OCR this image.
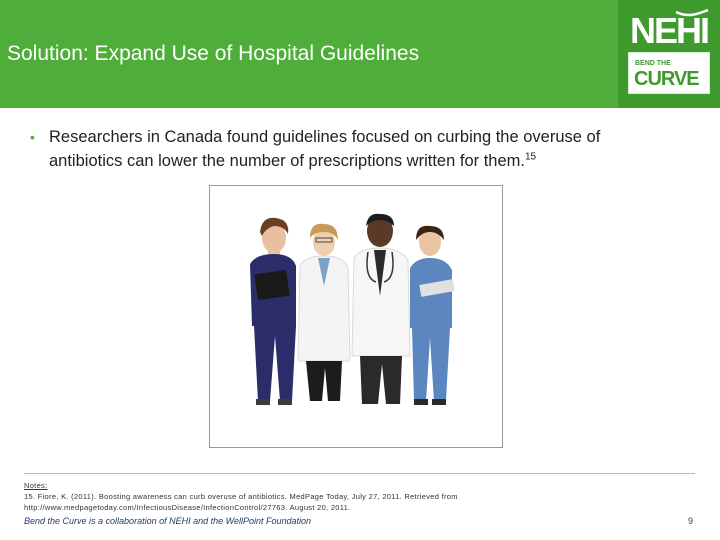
Solution: Expand Use of Hospital Guidelines
NEHI
BEND THE
CURVE
• Researchers in Canada found guidelines focused on curbing the overuse of
antibiotics can lower the number of prescriptions written for them.$^{15}$
Notes:
15. Fiore, K. (2011). Boosting awareness can curb overuse of antibiotics. MedPage Today, July 27, 2011. Retrieved from
http://www.medpagetoday.com/InfectiousDisease/InfectionControl/27763. August 20, 2011.
Bend the Curve is a collaboration of NEHI and the WellPoint Foundation	9
